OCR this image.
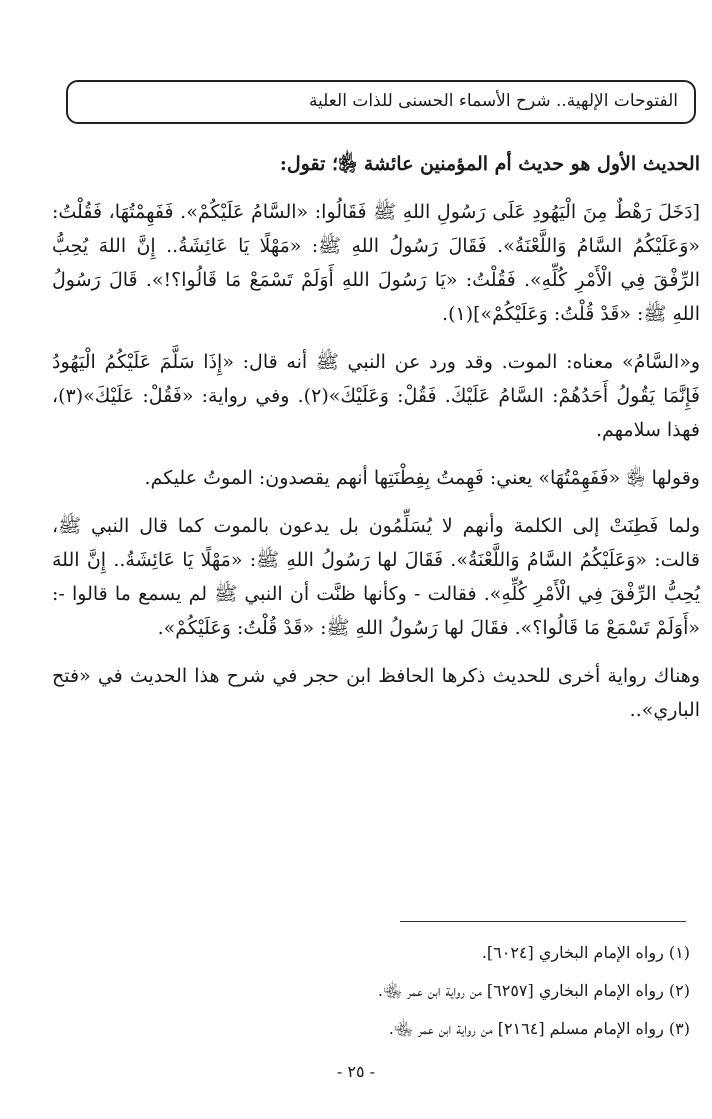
الفتوحات الإلهية.. شرح الأسماء الحسنى للذات العلية

الحديث الأول هو حديث أم المؤمنين عائشة ﵂؛ تقول:

[دَخَلَ رَهْطٌ مِنَ الْيَهُودِ عَلَى رَسُولِ اللهِ ﷺ فَقَالُوا: «السَّامُ عَلَيْكُمْ». فَفَهِمْتُهَا، فَقُلْتُ: «وَعَلَيْكُمُ السَّامُ وَاللَّعْنَةُ». فَقَالَ رَسُولُ اللهِ ﷺ: «مَهْلًا يَا عَائِشَةُ.. إِنَّ اللهَ يُحِبُّ الرِّفْقَ فِي الْأَمْرِ كُلِّهِ». فَقُلْتُ: «يَا رَسُولَ اللهِ أَوَلَمْ تَسْمَعْ مَا قَالُوا؟!». قَالَ رَسُولُ اللهِ ﷺ: «قَدْ قُلْتُ: وَعَلَيْكُمْ»](١).

و«السَّامُ» معناه: الموت. وقد ورد عن النبي ﷺ أنه قال: «إِذَا سَلَّمَ عَلَيْكُمُ الْيَهُودُ فَإِنَّمَا يَقُولُ أَحَدُهُمْ: السَّامُ عَلَيْكَ. فَقُلْ: وَعَلَيْكَ»(٢). وفي رواية: «فَقُلْ: عَلَيْكَ»(٣)، فهذا سلامهم.

وقولها ﵂ «فَفَهِمْتُهَا» يعني: فَهِمتُ بِفِطْنَتِها أنهم يقصدون: الموتُ عليكم.

ولما فَطِنَتْ إلى الكلمة وأنهم لا يُسَلِّمُون بل يدعون بالموت كما قال النبي ﷺ، قالت: «وَعَلَيْكُمُ السَّامُ وَاللَّعْنَةُ». فَقَالَ لها رَسُولُ اللهِ ﷺ: «مَهْلًا يَا عَائِشَةُ.. إِنَّ اللهَ يُحِبُّ الرِّفْقَ فِي الْأَمْرِ كُلِّهِ». فقالت - وكأنها ظنَّت أن النبي ﷺ لم يسمع ما قالوا -: «أَوَلَمْ تَسْمَعْ مَا قَالُوا؟». فقَالَ لها رَسُولُ اللهِ ﷺ: «قَدْ قُلْتُ: وَعَلَيْكُمْ».

وهناك رواية أخرى للحديث ذكرها الحافظ ابن حجر في شرح هذا الحديث في «فتح الباري»..

(١) رواه الإمام البخاري [٦٠٢٤].

(٢) رواه الإمام البخاري [٦٢٥٧] من رواية ابن عمر ﵄.

(٣) رواه الإمام مسلم [٢١٦٤] من رواية ابن عمر ﵄.

- ٢٥ -
